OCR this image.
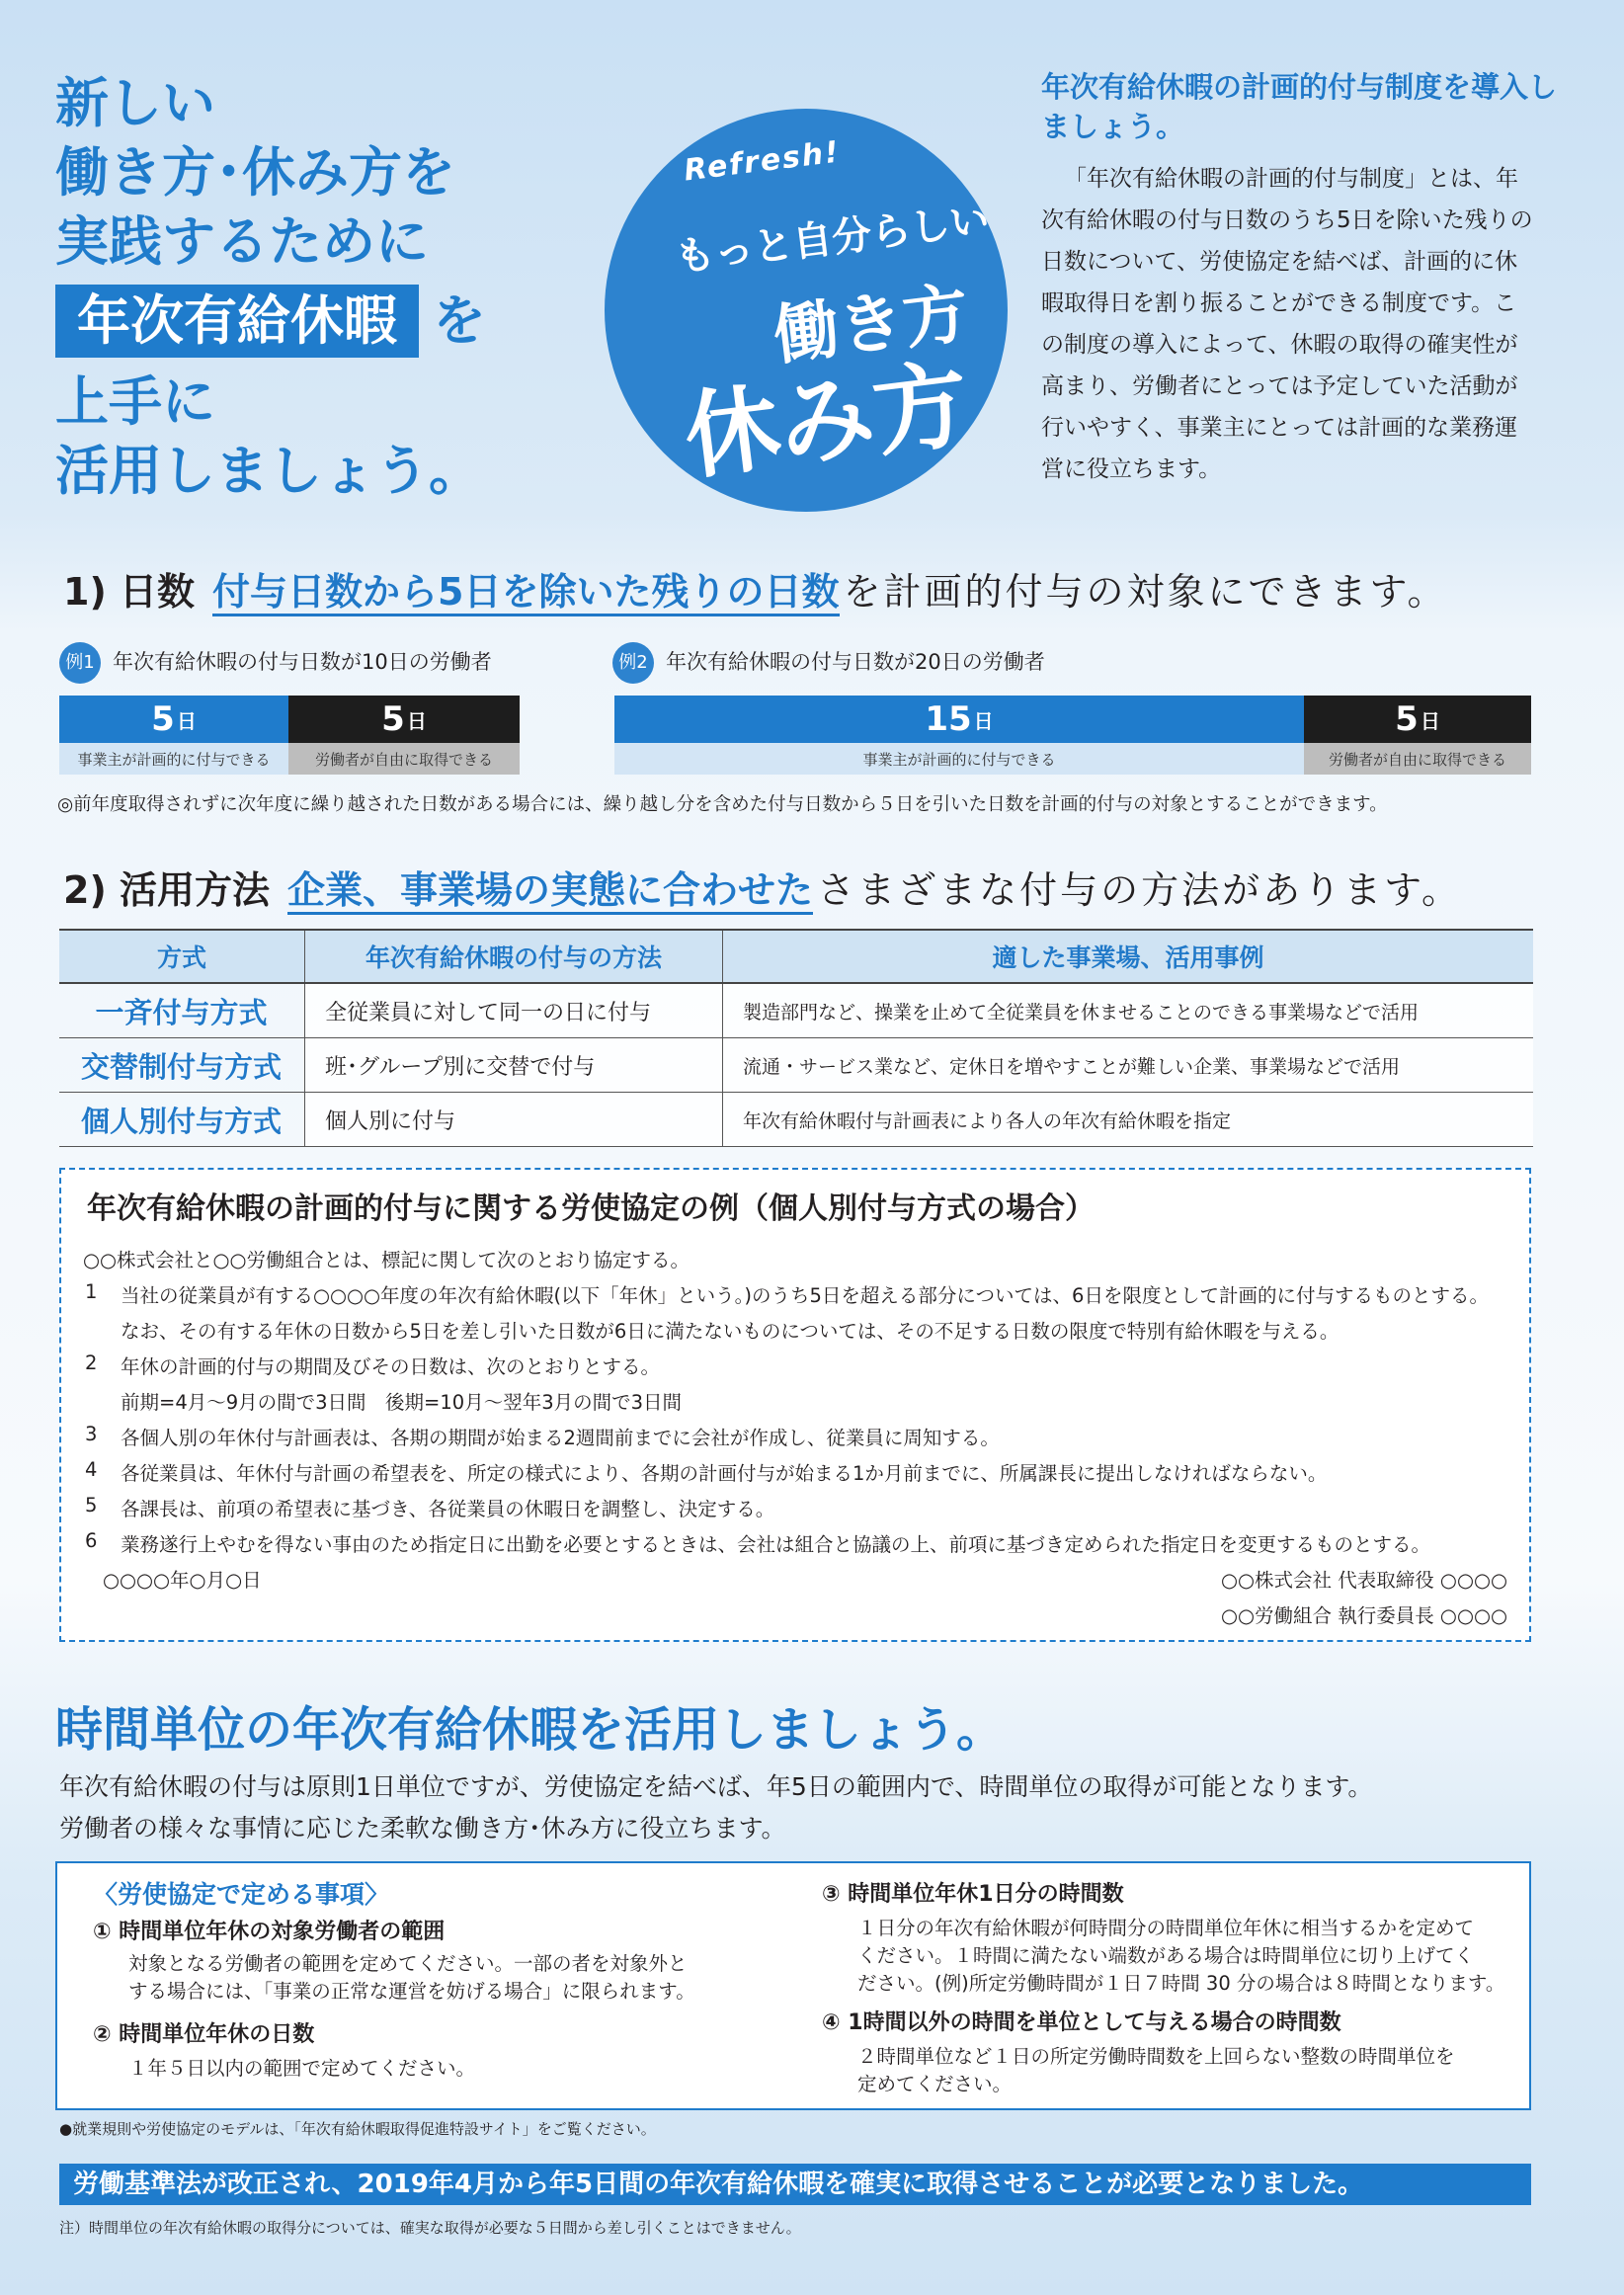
新しい
働き方･休み方を
実践するために
年次有給休暇 を
上手に
活用しましょう。
Refresh!
もっと自分らしい
働き方
休み方
年次有給休暇の計画的付与制度を導入しましょう。
「年次有給休暇の計画的付与制度」とは、年次有給休暇の付与日数のうち5日を除いた残りの日数について、労使協定を結べば、計画的に休暇取得日を割り振ることができる制度です。この制度の導入によって、休暇の取得の確実性が高まり、労働者にとっては予定していた活動が行いやすく、事業主にとっては計画的な業務運営に役立ちます。
1) 日数 付与日数から5日を除いた残りの日数 を計画的付与の対象にできます。
例1 年次有給休暇の付与日数が10日の労働者
5 日	5 日
事業主が計画的に付与できる	労働者が自由に取得できる
例2 年次有給休暇の付与日数が20日の労働者
15 日	5 日
事業主が計画的に付与できる	労働者が自由に取得できる
◎前年度取得されずに次年度に繰り越された日数がある場合には、繰り越し分を含めた付与日数から５日を引いた日数を計画的付与の対象とすることができます。
2) 活用方法 企業、事業場の実態に合わせた さまざまな付与の方法があります。
方式	年次有給休暇の付与の方法	適した事業場、活用事例
一斉付与方式	全従業員に対して同一の日に付与	製造部門など、操業を止めて全従業員を休ませることのできる事業場などで活用
交替制付与方式	班･グループ別に交替で付与	流通・サービス業など、定休日を増やすことが難しい企業、事業場などで活用
個人別付与方式	個人別に付与	年次有給休暇付与計画表により各人の年次有給休暇を指定
年次有給休暇の計画的付与に関する労使協定の例（個人別付与方式の場合）
○○株式会社と○○労働組合とは、標記に関して次のとおり協定する。
1 当社の従業員が有する○○○○年度の年次有給休暇(以下「年休」という。)のうち5日を超える部分については、6日を限度として計画的に付与するものとする。
なお、その有する年休の日数から5日を差し引いた日数が6日に満たないものについては、その不足する日数の限度で特別有給休暇を与える。
2 年休の計画的付与の期間及びその日数は、次のとおりとする。
前期=4月～9月の間で3日間　後期=10月～翌年3月の間で3日間
3 各個人別の年休付与計画表は、各期の期間が始まる2週間前までに会社が作成し、従業員に周知する。
4 各従業員は、年休付与計画の希望表を、所定の様式により、各期の計画付与が始まる1か月前までに、所属課長に提出しなければならない。
5 各課長は、前項の希望表に基づき、各従業員の休暇日を調整し、決定する。
6 業務遂行上やむを得ない事由のため指定日に出勤を必要とするときは、会社は組合と協議の上、前項に基づき定められた指定日を変更するものとする。
○○○○年○月○日	○○株式会社 代表取締役 ○○○○
○○労働組合 執行委員長 ○○○○
時間単位の年次有給休暇を活用しましょう。
年次有給休暇の付与は原則1日単位ですが、労使協定を結べば、年5日の範囲内で、時間単位の取得が可能となります。
労働者の様々な事情に応じた柔軟な働き方･休み方に役立ちます。
〈労使協定で定める事項〉
① 時間単位年休の対象労働者の範囲
対象となる労働者の範囲を定めてください。一部の者を対象外と
する場合には、「事業の正常な運営を妨げる場合」に限られます。
② 時間単位年休の日数
１年５日以内の範囲で定めてください。
③ 時間単位年休1日分の時間数
１日分の年次有給休暇が何時間分の時間単位年休に相当するかを定めて
ください。１時間に満たない端数がある場合は時間単位に切り上げてく
ださい。(例)所定労働時間が１日７時間 30 分の場合は８時間となります。
④ 1時間以外の時間を単位として与える場合の時間数
２時間単位など１日の所定労働時間数を上回らない整数の時間単位を
定めてください。
●就業規則や労使協定のモデルは、「年次有給休暇取得促進特設サイト」をご覧ください。
労働基準法が改正され、2019年4月から年5日間の年次有給休暇を確実に取得させることが必要となりました。
注）時間単位の年次有給休暇の取得分については、確実な取得が必要な５日間から差し引くことはできません。
